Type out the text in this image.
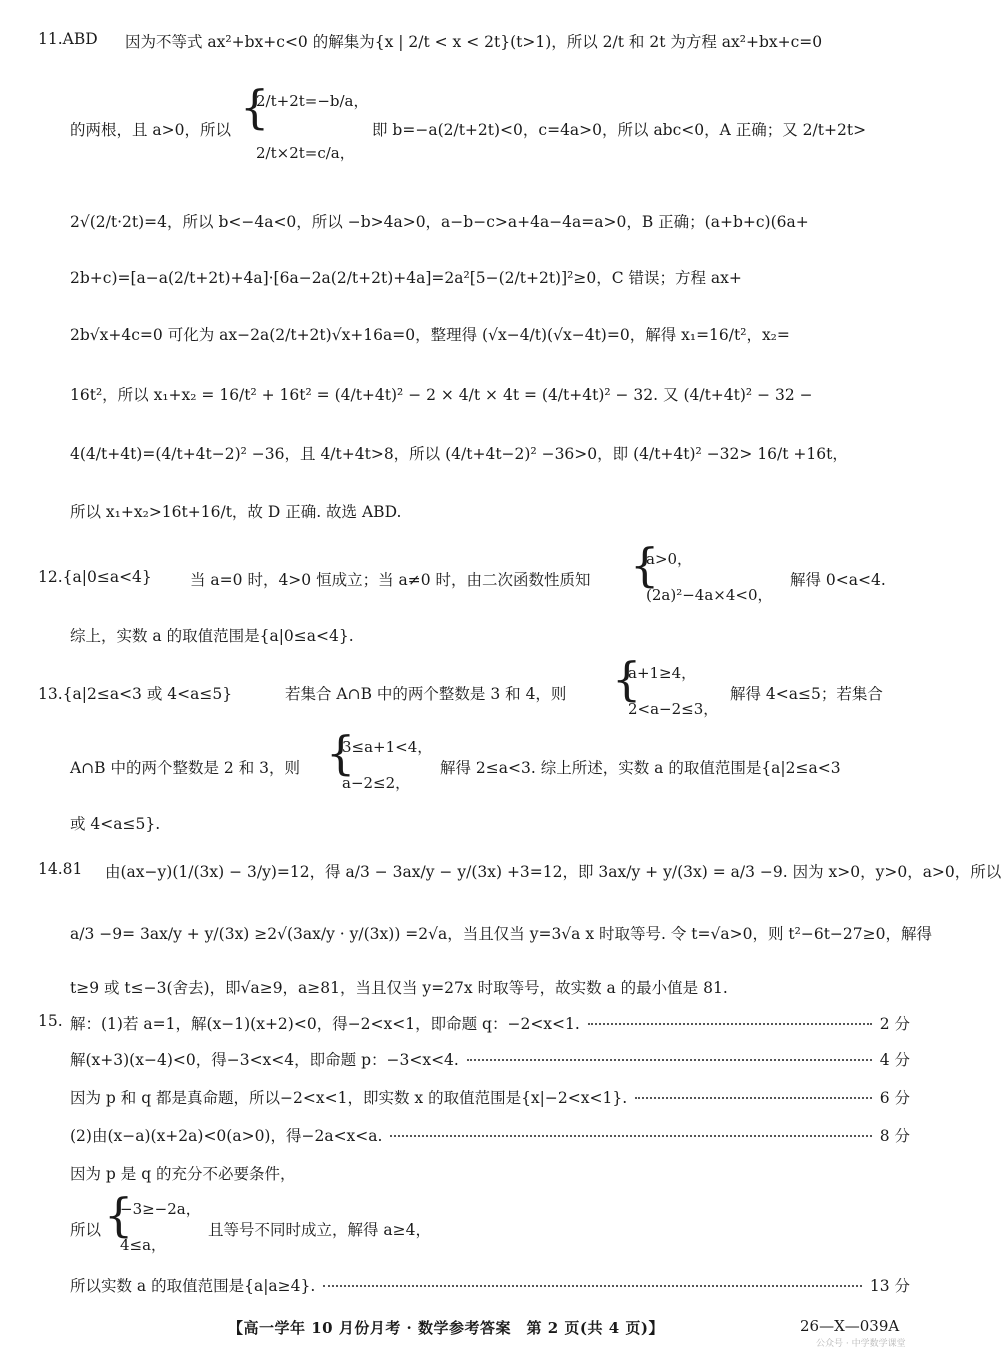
11.ABD 因为不等式 ax²+bx+c<0 的解集为{x | 2/t < x < 2t}(t>1)，所以 2/t 和 2t 为方程 ax²+bx+c=0
的两根，且 a>0，所以 {
2/t+2t=−b/a，
2/t×2t=c/a，
即 b=−a(2/t+2t)<0，c=4a>0，所以 abc<0，A 正确；又 2/t+2t>
2√(2/t·2t)=4，所以 b<−4a<0，所以 −b>4a>0，a−b−c>a+4a−4a=a>0，B 正确；(a+b+c)(6a+
2b+c)=[a−a(2/t+2t)+4a]·[6a−2a(2/t+2t)+4a]=2a²[5−(2/t+2t)]²≥0，C 错误；方程 ax+
2b√x+4c=0 可化为 ax−2a(2/t+2t)√x+16a=0，整理得 (√x−4/t)(√x−4t)=0，解得 x₁=16/t²，x₂=
16t²，所以 x₁+x₂ = 16/t² + 16t² = (4/t+4t)² − 2 × 4/t × 4t = (4/t+4t)² − 32. 又 (4/t+4t)² − 32 −
4(4/t+4t)=(4/t+4t−2)² −36，且 4/t+4t>8，所以 (4/t+4t−2)² −36>0，即 (4/t+4t)² −32> 16/t +16t，
所以 x₁+x₂>16t+16/t，故 D 正确. 故选 ABD.
12.{a|0≤a<4} 当 a=0 时，4>0 恒成立；当 a≠0 时，由二次函数性质知 {
a>0，
(2a)²−4a×4<0，
解得 0<a<4.
综上，实数 a 的取值范围是{a|0≤a<4}.
13.{a|2≤a<3 或 4<a≤5}	若集合 A∩B 中的两个整数是 3 和 4，则 {
a+1≥4，
2<a−2≤3，
解得 4<a≤5；若集合
A∩B 中的两个整数是 2 和 3，则 {
3≤a+1<4，
a−2≤2，
解得 2≤a<3. 综上所述，实数 a 的取值范围是{a|2≤a<3
或 4<a≤5}.
14.81 由(ax−y)(1/(3x) − 3/y)=12，得 a/3 − 3ax/y − y/(3x) +3=12，即 3ax/y + y/(3x) = a/3 −9. 因为 x>0，y>0，a>0，所以
a/3 −9= 3ax/y + y/(3x) ≥2√(3ax/y · y/(3x)) =2√a，当且仅当 y=3√a x 时取等号. 令 t=√a>0，则 t²−6t−27≥0，解得
t≥9 或 t≤−3(舍去)，即√a≥9，a≥81，当且仅当 y=27x 时取等号，故实数 a 的最小值是 81.
15. 解：(1)若 a=1，解(x−1)(x+2)<0，得−2<x<1，即命题 q：−2<x<1.	2 分
解(x+3)(x−4)<0，得−3<x<4，即命题 p：−3<x<4.	4 分
因为 p 和 q 都是真命题，所以−2<x<1，即实数 x 的取值范围是{x|−2<x<1}.	6 分
(2)由(x−a)(x+2a)<0(a>0)，得−2a<x<a.	8 分
因为 p 是 q 的充分不必要条件，
所以 {
−3≥−2a，
4≤a，
且等号不同时成立，解得 a≥4，
所以实数 a 的取值范围是{a|a≥4}.	13 分
【高一学年 10 月份月考 · 数学参考答案　第 2 页(共 4 页)】	26—X—039A
公众号 · 中学数学课堂
